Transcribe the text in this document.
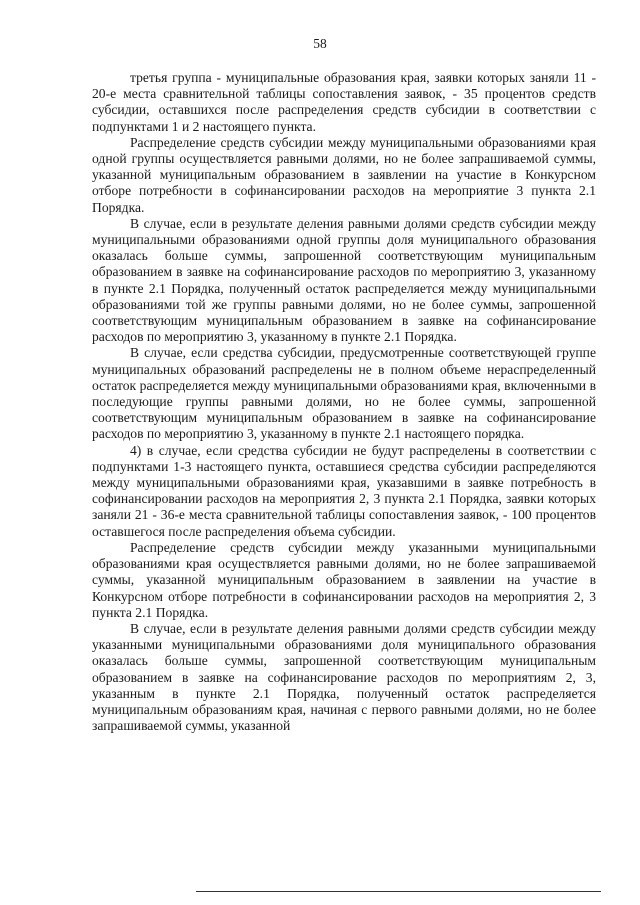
58

третья группа - муниципальные образования края, заявки которых заняли 11 - 20-е места сравнительной таблицы сопоставления заявок, - 35 процентов средств субсидии, оставшихся после распределения средств субсидии в соответствии с подпунктами 1 и 2 настоящего пункта.

Распределение средств субсидии между муниципальными образованиями края одной группы осуществляется равными долями, но не более запрашиваемой суммы, указанной муниципальным образованием в заявлении на участие в Конкурсном отборе потребности в софинансировании расходов на мероприятие 3 пункта 2.1 Порядка.

В случае, если в результате деления равными долями средств субсидии между муниципальными образованиями одной группы доля муниципального образования оказалась больше суммы, запрошенной соответствующим муниципальным образованием в заявке на софинансирование расходов по мероприятию 3, указанному в пункте 2.1 Порядка, полученный остаток распределяется между муниципальными образованиями той же группы равными долями, но не более суммы, запрошенной соответствующим муниципальным образованием в заявке на софинансирование расходов по мероприятию 3, указанному в пункте 2.1 Порядка.

В случае, если средства субсидии, предусмотренные соответствующей группе муниципальных образований распределены не в полном объеме нераспределенный остаток распределяется между муниципальными образованиями края, включенными в последующие группы равными долями, но не более суммы, запрошенной соответствующим муниципальным образованием в заявке на софинансирование расходов по мероприятию 3, указанному в пункте 2.1 настоящего порядка.

4) в случае, если средства субсидии не будут распределены в соответствии с подпунктами 1-3 настоящего пункта, оставшиеся средства субсидии распределяются между муниципальными образованиями края, указавшими в заявке потребность в софинансировании расходов на мероприятия 2, 3 пункта 2.1 Порядка, заявки которых заняли 21 - 36-е места сравнительной таблицы сопоставления заявок, - 100 процентов оставшегося после распределения объема субсидии.

Распределение средств субсидии между указанными муниципальными образованиями края осуществляется равными долями, но не более запрашиваемой суммы, указанной муниципальным образованием в заявлении на участие в Конкурсном отборе потребности в софинансировании расходов на мероприятия 2, 3 пункта 2.1 Порядка.

В случае, если в результате деления равными долями средств субсидии между указанными муниципальными образованиями доля муниципального образования оказалась больше суммы, запрошенной соответствующим муниципальным образованием в заявке на софинансирование расходов по мероприятиям 2, 3, указанным в пункте 2.1 Порядка, полученный остаток распределяется муниципальным образованиям края, начиная с первого равными долями, но не более запрашиваемой суммы, указанной
